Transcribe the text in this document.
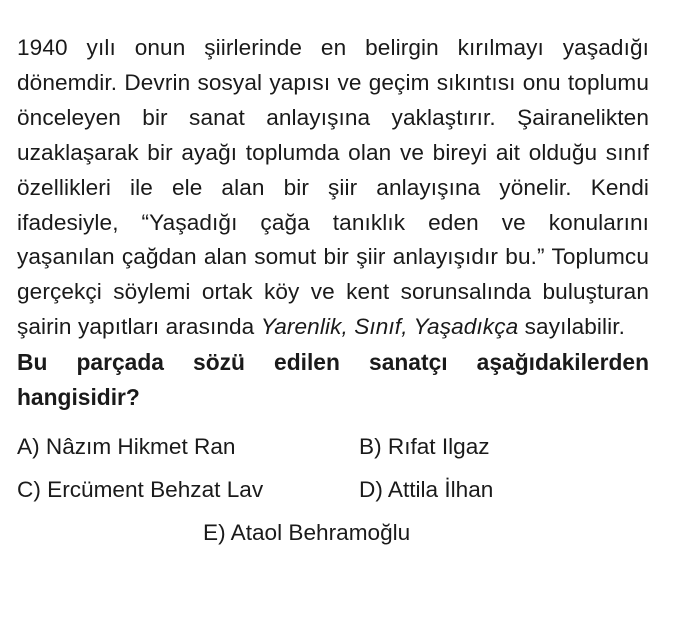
1940 yılı onun şiirlerinde en belirgin kırılmayı yaşadığı dönemdir. Devrin sosyal yapısı ve geçim sıkıntısı onu toplumu önceleyen bir sanat anlayışına yaklaştırır. Şairanelikten uzaklaşarak bir ayağı toplumda olan ve bireyi ait olduğu sınıf özellikleri ile ele alan bir şiir anlayışına yönelir. Kendi ifadesiyle, “Yaşadığı çağa tanıklık eden ve konularını yaşanılan çağdan alan somut bir şiir anlayışıdır bu.” Toplumcu gerçekçi söylemi ortak köy ve kent sorunsalında buluşturan şairin yapıtları arasında Yarenlik, Sınıf, Yaşadıkça sayılabilir.

Bu parçada sözü edilen sanatçı aşağıdakilerden hangisidir?

A) Nâzım Hikmet Ran	B) Rıfat Ilgaz
C) Ercüment Behzat Lav	D) Attila İlhan
E) Ataol Behramoğlu
